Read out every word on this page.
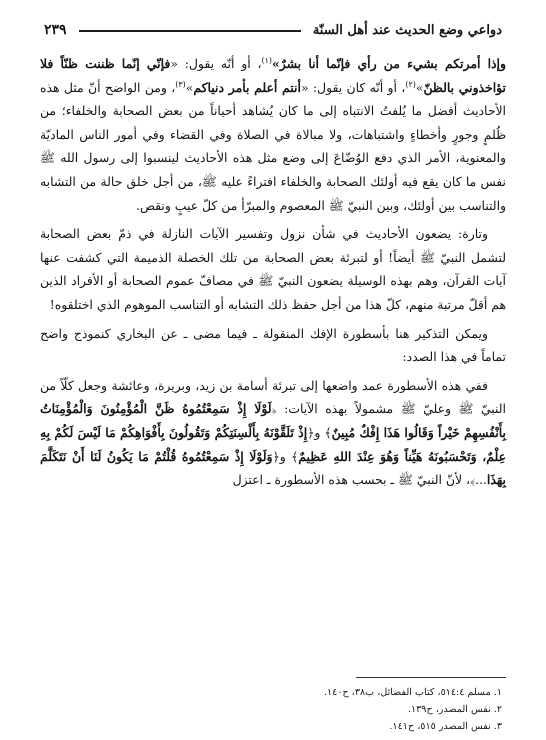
دواعي وضع الحديث عند أهل السنّة
٢٣٩

وإذا أمرتكم بشيء من رأي فإنّما أنا بشرٌ»$^{(١)}$، أو أنّه يقول: «فإنّي إنّما ظننت ظنّاً فلا تؤاخذوني بالظنّ»$^{(٢)}$، أو أنّه كان يقول: «أنتم أعلم بأمر دنياكم»$^{(٣)}$، ومن الواضح أنّ مثل هذه الأحاديث أفضل ما يُلفتُ الانتباه إلى ما كان يُشاهد أحياناً من بعض الصحابة والخلفاء؛ من ظُلمٍ وجورٍ وأخطاءٍ واشتباهات، ولا مبالاة في الصلاة وفي القضاء وفي أمور الناس الماديّة والمعنوية، الأمر الذي دفع الوُضّاعَ إلى وضع مثل هذه الأحاديث لينسبوا إلى رسول الله ﷺ نفس ما كان يقع فيه أولئك الصحابة والخلفاء افتراءً عليه ﷺ، من أجل خلق حالة من التشابه والتناسب بين أولئك، وبين النبيّ ﷺ المعصوم والمبرّأ من كلّ عيبٍ ونقص.

وتارة: يضعون الأحاديث في شأن نزول وتفسير الآيات النازلة في ذمّ بعض الصحابة لتشمل النبيّ ﷺ أيضاً! أو لتبرئة بعض الصحابة من تلك الخصلة الذميمة التي كشفت عنها آيات القرآن، وهم بهذه الوسيلة يضعون النبيّ ﷺ في مصافّ عموم الصحابة أو الأفراد الذين هم أقلّ مرتبة منهم، كلّ هذا من أجل حفظ ذلك التشابه أو التناسب الموهوم الذي اختلقوه!

ويمكن التذكير هنا بأسطورة الإفك المنقولة ـ فيما مضى ـ عن البخاري كنموذج واضح تماماً في هذا الصدد:

ففي هذه الأسطورة عمد واضعها إلى تبرئة أسامة بن زيد، وبريرة، وعائشة وجعل كلّاً من النبيّ ﷺ وعليّ ﷺ مشمولاً بهذه الآيات: ﴿لَوْلَا إِذْ سَمِعْتُمُوهُ ظَنَّ الْمُؤْمِنُونَ وَالْمُؤْمِنَاتُ بِأَنْفُسِهِمْ خَيْراً وَقَالُوا هَذَا إِفْكٌ مُبِينٌ﴾ و﴿إِذْ تَلَقَّوْنَهُ بِأَلْسِنَتِكُمْ وَتَقُولُونَ بِأَفْوَاهِكُمْ مَا لَيْسَ لَكُمْ بِهِ عِلْمٌ، وَتَحْسَبُونَهُ هَيِّناً وَهُوَ عِنْدَ اللهِ عَظِيمٌ﴾ و﴿وَلَوْلَا إِذْ سَمِعْتُمُوهُ قُلْتُمْ مَا يَكُونُ لَنَا أَنْ نَتَكَلَّمَ بِهَذَا...﴾، لأنّ النبيّ ﷺ ـ بحسب هذه الأسطورة ـ اعتزل

١. مسلم ٥١٤:٤، كتاب الفضائل، ب٣٨، ح١٤٠.
٢. نفس المصدر، ح١٣٩.
٣. نفس المصدر ٥١٥، ح١٤١.
